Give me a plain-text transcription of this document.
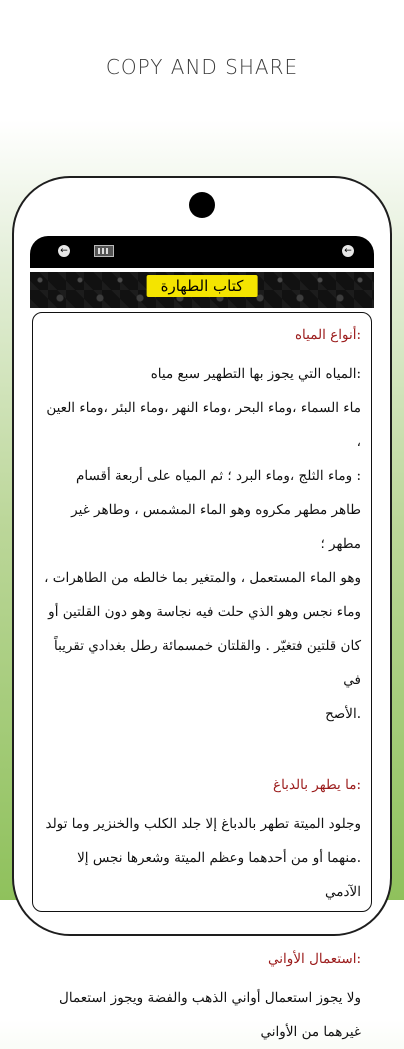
COPY AND SHARE
←	←
كتاب الطهارة
:أنواع المياه

:المياه التي يجوز بها التطهير سبع مياه

ماء السماء ،وماء البحر ،وماء النهر ،وماء البئر ،وماء العين ،

: وماء الثلج ،وماء البرد ؛ ثم المياه على أربعة أقسام

طاهر مطهر مكروه وهو الماء المشمس ، وطاهر غير مطهر ؛

وهو الماء المستعمل ، والمتغير بما خالطه من الطاهرات ،

وماء نجس وهو الذي حلت فيه نجاسة وهو دون القلتين أو

كان قلتين فتغيّر . والقلتان خمسمائة رطل بغدادي تقريباً في

.الأصح

:ما يطهر بالدباغ

وجلود الميتة تطهر بالدباغ إلا جلد الكلب والخنزير وما تولد

.منهما أو من أحدهما وعظم الميتة وشعرها نجس إلا الآدمي

:استعمال الأواني

ولا يجوز استعمال أواني الذهب والفضة ويجوز استعمال

غيرهما من الأواني
